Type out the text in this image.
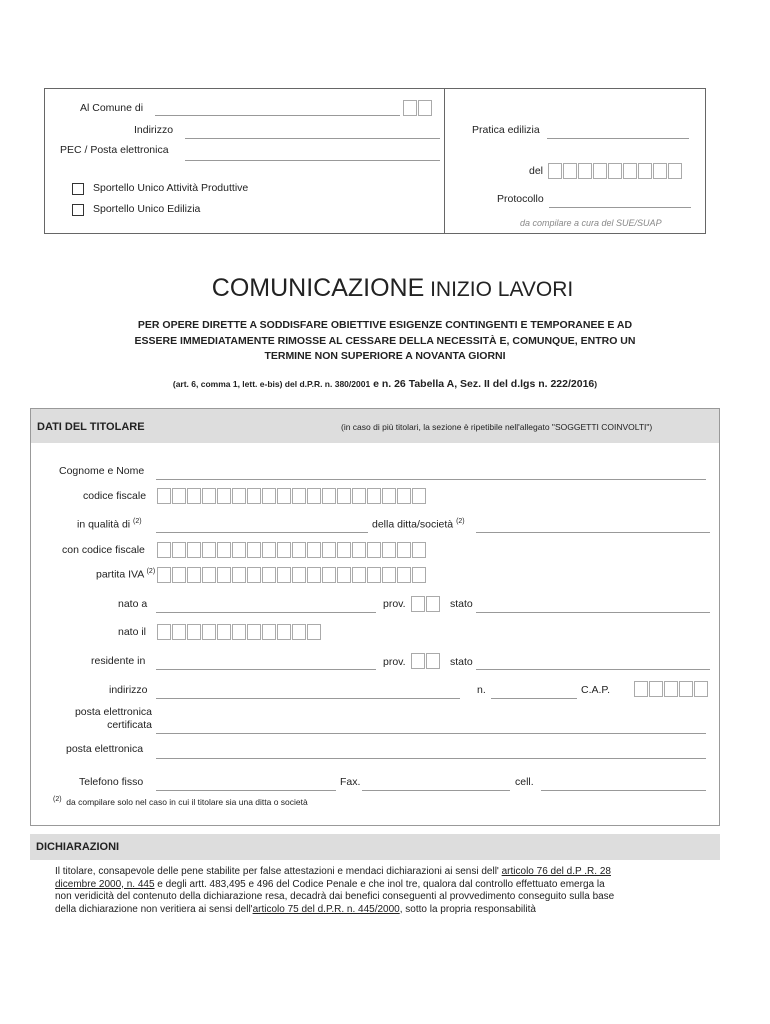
Al Comune di
Indirizzo
PEC / Posta elettronica
Sportello Unico Attività Produttive
Sportello Unico Edilizia
Pratica edilizia
del
Protocollo
da compilare a cura del SUE/SUAP
COMUNICAZIONE INIZIO LAVORI
PER OPERE DIRETTE A SODDISFARE OBIETTIVE ESIGENZE CONTINGENTI E TEMPORANEE E AD
ESSERE IMMEDIATAMENTE RIMOSSE AL CESSARE DELLA NECESSITÀ E, COMUNQUE, ENTRO UN
TERMINE NON SUPERIORE A NOVANTA GIORNI
(art. 6, comma 1, lett. e-bis) del d.P.R. n. 380/2001 e n. 26 Tabella A, Sez. II del d.lgs n. 222/2016)
DATI DEL TITOLARE	(in caso di più titolari, la sezione è ripetibile nell'allegato "SOGGETTI COINVOLTI")
Cognome e Nome
codice fiscale
in qualità di $^{(2)}$	della ditta/società $^{(2)}$
con codice fiscale
partita IVA $^{(2)}$
nato a	prov.	stato
nato il
residente in	prov.	stato
indirizzo	n.	C.A.P.
posta elettronica
certificata
posta elettronica
Telefono fisso	Fax.	cell.
$^{(2)}$ da compilare solo nel caso in cui il titolare sia una ditta o società
DICHIARAZIONI
Il titolare, consapevole delle pene stabilite per false attestazioni e mendaci dichiarazioni ai sensi dell' articolo 76 del d.P .R. 28
dicembre 2000, n. 445 e degli artt. 483,495 e 496 del Codice Penale e che inol tre, qualora dal controllo effettuato emerga la
non veridicità del contenuto della dichiarazione resa, decadrà dai benefici conseguenti al provvedimento conseguito sulla base
della dichiarazione non veritiera ai sensi dell'articolo 75 del d.P.R. n. 445/2000, sotto la propria responsabilità
